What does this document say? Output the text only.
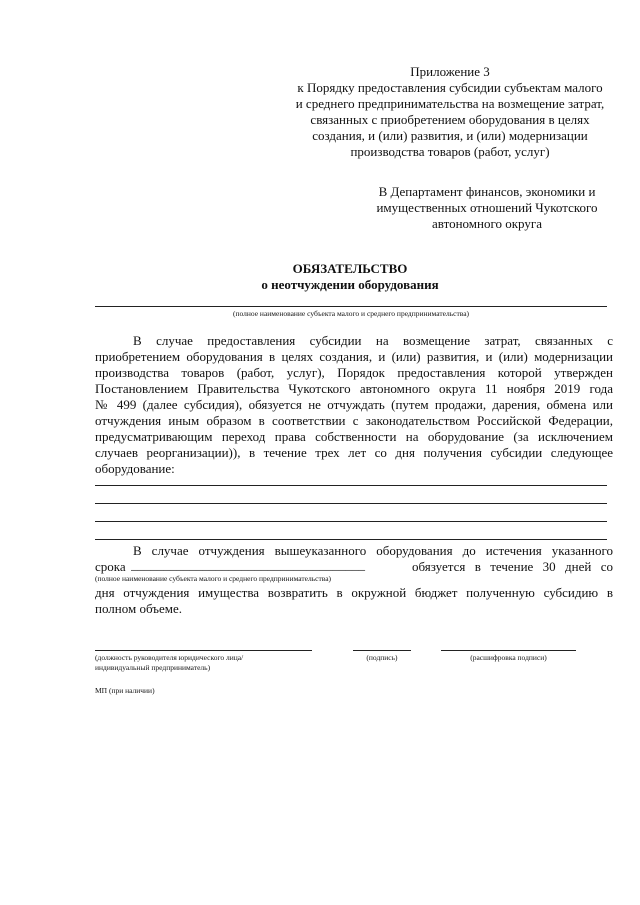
Приложение 3
к Порядку предоставления субсидии субъектам малого
и среднего предпринимательства на возмещение затрат,
связанных с приобретением оборудования в целях
создания, и (или) развития, и (или) модернизации
производства товаров (работ, услуг)
В Департамент финансов, экономики и
имущественных отношений Чукотского
автономного округа
ОБЯЗАТЕЛЬСТВО
о неотчуждении оборудования
(полное наименование субъекта малого и среднего предпринимательства)
В случае предоставления субсидии на возмещение затрат, связанных с
приобретением оборудования в целях создания, и (или) развития, и (или) модернизации
производства товаров (работ, услуг), Порядок предоставления которой утвержден
Постановлением Правительства Чукотского автономного округа 11 ноября 2019 года
№ 499 (далее субсидия), обязуется не отчуждать (путем продажи, дарения, обмена или
отчуждения иным образом в соответствии с законодательством Российской Федерации,
предусматривающим переход права собственности на оборудование (за исключением
случаев реорганизации)), в течение трех лет со дня получения субсидии следующее
оборудование:
В случае отчуждения вышеуказанного оборудования до истечения указанного
срока ____________________________________	обязуется в течение 30 дней со
(полное наименование субъекта малого и среднего предпринимательства)
дня отчуждения имущества возвратить в окружной бюджет полученную субсидию в
полном объеме.
(должность руководителя юридического лица/
индивидуальный предприниматель)
(подпись)	(расшифровка подписи)
МП (при наличии)
